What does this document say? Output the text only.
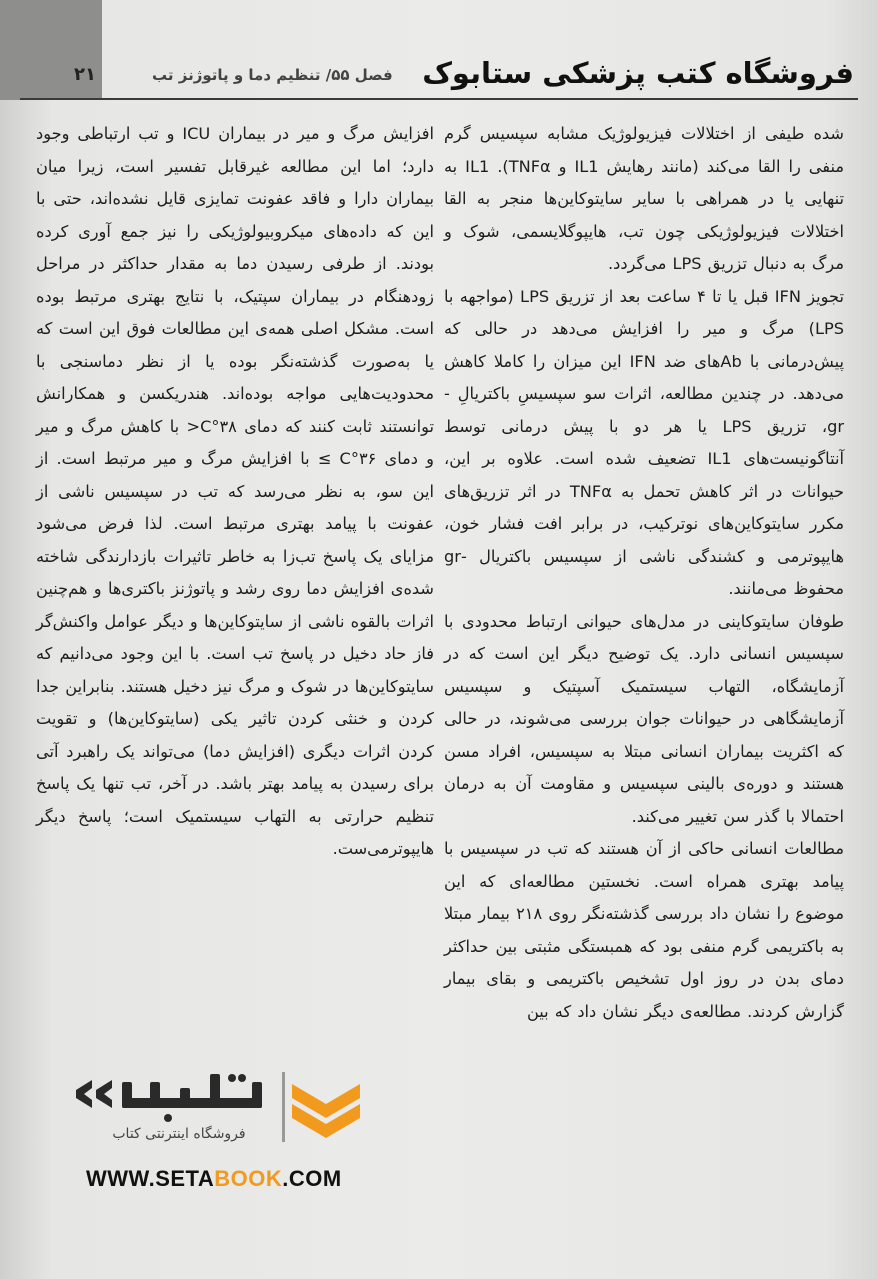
۲۱	فصل ۵۵/ تنظیم دما و پاتوژنز تب فروشگاه کتب پزشکی ستابوک

شده طیفی از اختلالات فیزیولوژیک مشابه سپسیس گرم منفی را القا می‌کند (مانند رهایش IL1 و TNFα). IL1 به تنهایی یا در همراهی با سایر سایتوکاین‌ها منجر به القا اختلالات فیزیولوژیکی چون تب، هایپوگلایسمی، شوک و مرگ به دنبال تزریق LPS می‌گردد.

تجویز IFN قبل یا تا ۴ ساعت بعد از تزریق LPS (مواجهه با LPS) مرگ و میر را افزایش می‌دهد در حالی که پیش‌درمانی با Abهای ضد IFN این میزان را کاملا کاهش می‌دهد. در چندین مطالعه، اثرات سو سپسیسِ باکتریالِ -gr، تزریق LPS یا هر دو با پیش درمانی توسط آنتاگونیست‌های IL1 تضعیف شده است. علاوه بر این، حیوانات در اثر کاهش تحمل به TNFα در اثر تزریق‌های مکرر سایتوکاین‌های نوترکیب، در برابر افت فشار خون، هایپوترمی و کشندگی ناشی از سپسیس باکتریال -gr محفوظ می‌مانند.

طوفان سایتوکاینی در مدل‌های حیوانی ارتباط محدودی با سپسیس انسانی دارد. یک توضیح دیگر این است که در آزمایشگاه، التهاب سیستمیک آسپتیک و سپسیس آزمایشگاهی در حیوانات جوان بررسی می‌شوند، در حالی که اکثریت بیماران انسانی مبتلا به سپسیس، افراد مسن هستند و دوره‌ی بالینی سپسیس و مقاومت آن به درمان احتمالا با گذر سن تغییر می‌کند.

مطالعات انسانی حاکی از آن هستند که تب در سپسیس با پیامد بهتری همراه است. نخستین مطالعه‌ای که این موضوع را نشان داد بررسی گذشته‌نگر روی ۲۱۸ بیمار مبتلا به باکتریمی گرم منفی بود که همبستگی مثبتی بین حداکثر دمای بدن در روز اول تشخیص باکتریمی و بقای بیمار گزارش کردند. مطالعه‌ی دیگر نشان داد که بین

افزایش مرگ و میر در بیماران ICU و تب ارتباطی وجود دارد؛ اما این مطالعه غیرقابل تفسیر است، زیرا میان بیماران دارا و فاقد عفونت تمایزی قایل نشده‌اند، حتی با این که داده‌های میکروبیولوژیکی را نیز جمع آوری کرده بودند. از طرفی رسیدن دما به مقدار حداکثر در مراحل زودهنگام در بیماران سپتیک، با نتایج بهتری مرتبط بوده است. مشکل اصلی همه‌ی این مطالعات فوق این است که یا به‌صورت گذشته‌نگر بوده یا از نظر دماسنجی با محدودیت‌هایی مواجه بوده‌اند. هندریکسن و همکارانش توانستند ثابت کنند که دمای ۳۸°C< با کاهش مرگ و میر و دمای ۳۶°C ≥ با افزایش مرگ و میر مرتبط است. از این سو، به نظر می‌رسد که تب در سپسیس ناشی از عفونت با پیامد بهتری مرتبط است. لذا فرض می‌شود مزایای یک پاسخ تب‌زا به خاطر تاثیرات بازدارندگی شاخته شده‌ی افزایش دما روی رشد و پاتوژنز باکتری‌ها و هم‌چنین اثرات بالقوه ناشی از سایتوکاین‌ها و دیگر عوامل واکنش‌گر فاز حاد دخیل در پاسخ تب است. با این وجود می‌دانیم که سایتوکاین‌ها در شوک و مرگ نیز دخیل هستند. بنابراین جدا کردن و خنثی کردن تاثیر یکی (سایتوکاین‌ها) و تقویت کردن اثرات دیگری (افزایش دما) می‌تواند یک راهبرد آتی برای رسیدن به پیامد بهتر باشد. در آخر، تب تنها یک پاسخ تنظیم حرارتی به التهاب سیستمیک است؛ پاسخ دیگر هایپوترمی‌ست.

فروشگاه اینترنتی کتاب
WWW.SETABOOK.COM
